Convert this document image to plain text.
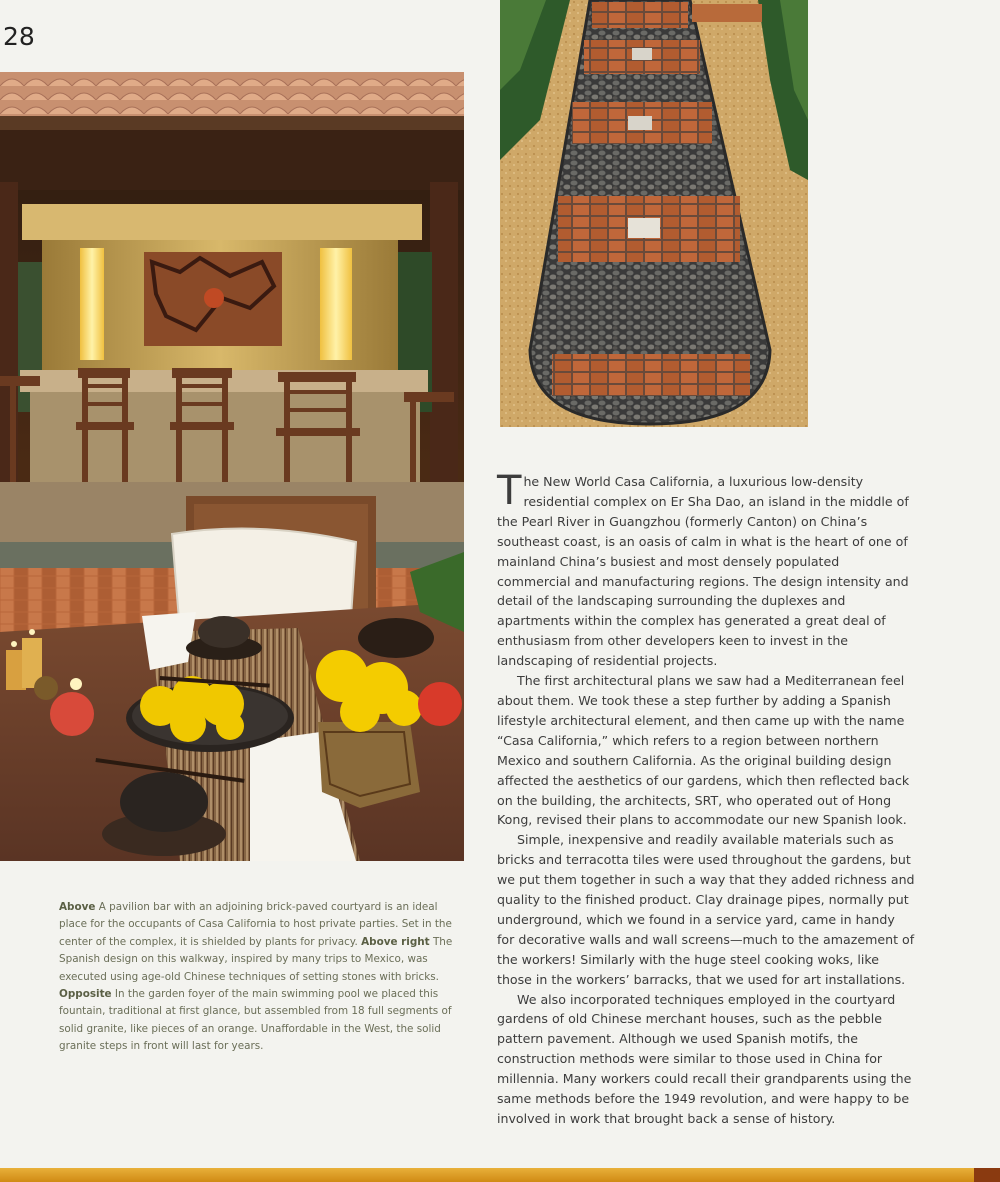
28
Above A pavilion bar with an adjoining brick-paved courtyard is an ideal place for the occupants of Casa California to host private parties. Set in the center of the complex, it is shielded by plants for privacy. Above right The Spanish design on this walkway, inspired by many trips to Mexico, was executed using age-old Chinese techniques of setting stones with bricks. Opposite In the garden foyer of the main swimming pool we placed this fountain, traditional at first glance, but assembled from 18 full segments of solid granite, like pieces of an orange. Unaffordable in the West, the solid granite steps in front will last for years.

The New World Casa California, a luxurious low-density residential complex on Er Sha Dao, an island in the middle of the Pearl River in Guangzhou (formerly Canton) on China’s southeast coast, is an oasis of calm in what is the heart of one of mainland China’s busiest and most densely populated commercial and manufacturing regions. The design intensity and detail of the landscaping surrounding the duplexes and apartments within the complex has generated a great deal of enthusiasm from other developers keen to invest in the landscaping of residential projects.

The first architectural plans we saw had a Mediterranean feel about them. We took these a step further by adding a Spanish lifestyle architectural element, and then came up with the name “Casa California,” which refers to a region between northern Mexico and southern California. As the original building design affected the aesthetics of our gardens, which then reflected back on the building, the architects, SRT, who operated out of Hong Kong, revised their plans to accommodate our new Spanish look.

Simple, inexpensive and readily available materials such as bricks and terracotta tiles were used throughout the gardens, but we put them together in such a way that they added richness and quality to the finished product. Clay drainage pipes, normally put underground, which we found in a service yard, came in handy for decorative walls and wall screens—much to the amazement of the workers! Similarly with the huge steel cooking woks, like those in the workers’ barracks, that we used for art installations.

We also incorporated techniques employed in the courtyard gardens of old Chinese merchant houses, such as the pebble pattern pavement. Although we used Spanish motifs, the construction methods were similar to those used in China for millennia. Many workers could recall their grandparents using the same methods before the 1949 revolution, and were happy to be involved in work that brought back a sense of history.
